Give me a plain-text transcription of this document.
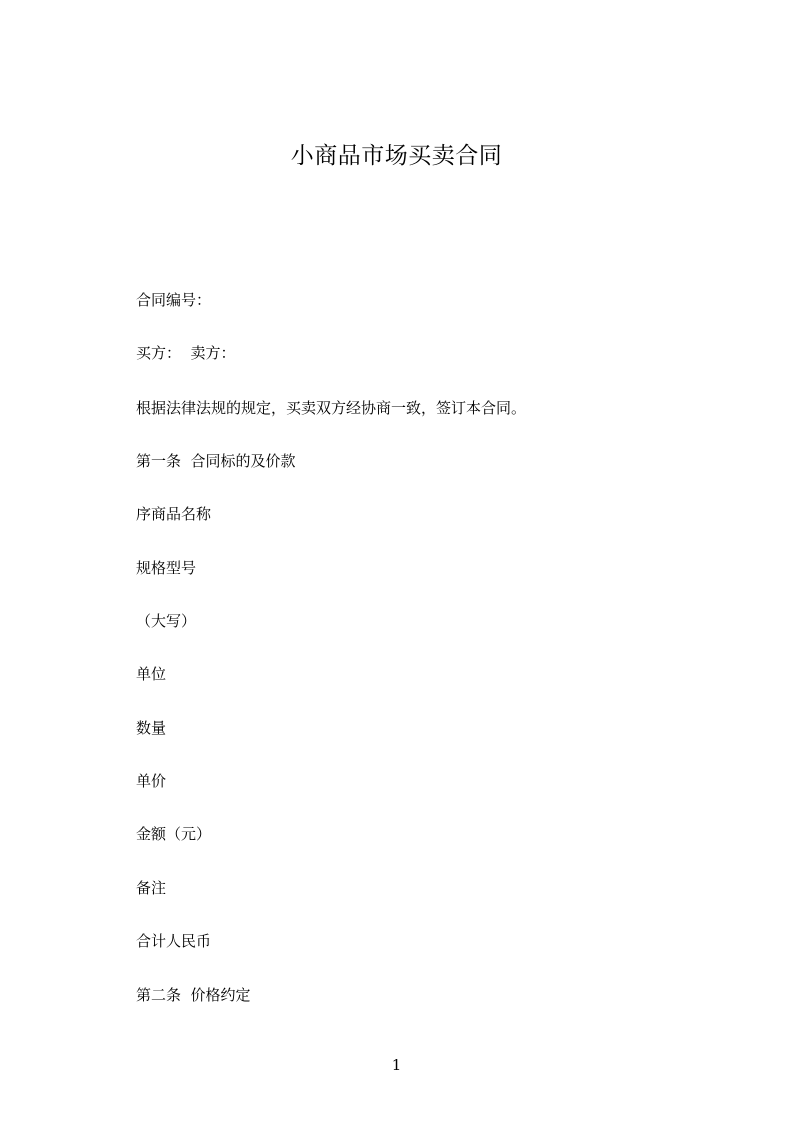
小商品市场买卖合同
合同编号：
买方：  卖方：
根据法律法规的规定，买卖双方经协商一致，签订本合同。
第一条  合同标的及价款
序商品名称
规格型号
（大写）
单位
数量
单价
金额（元）
备注
合计人民币
第二条  价格约定
1
